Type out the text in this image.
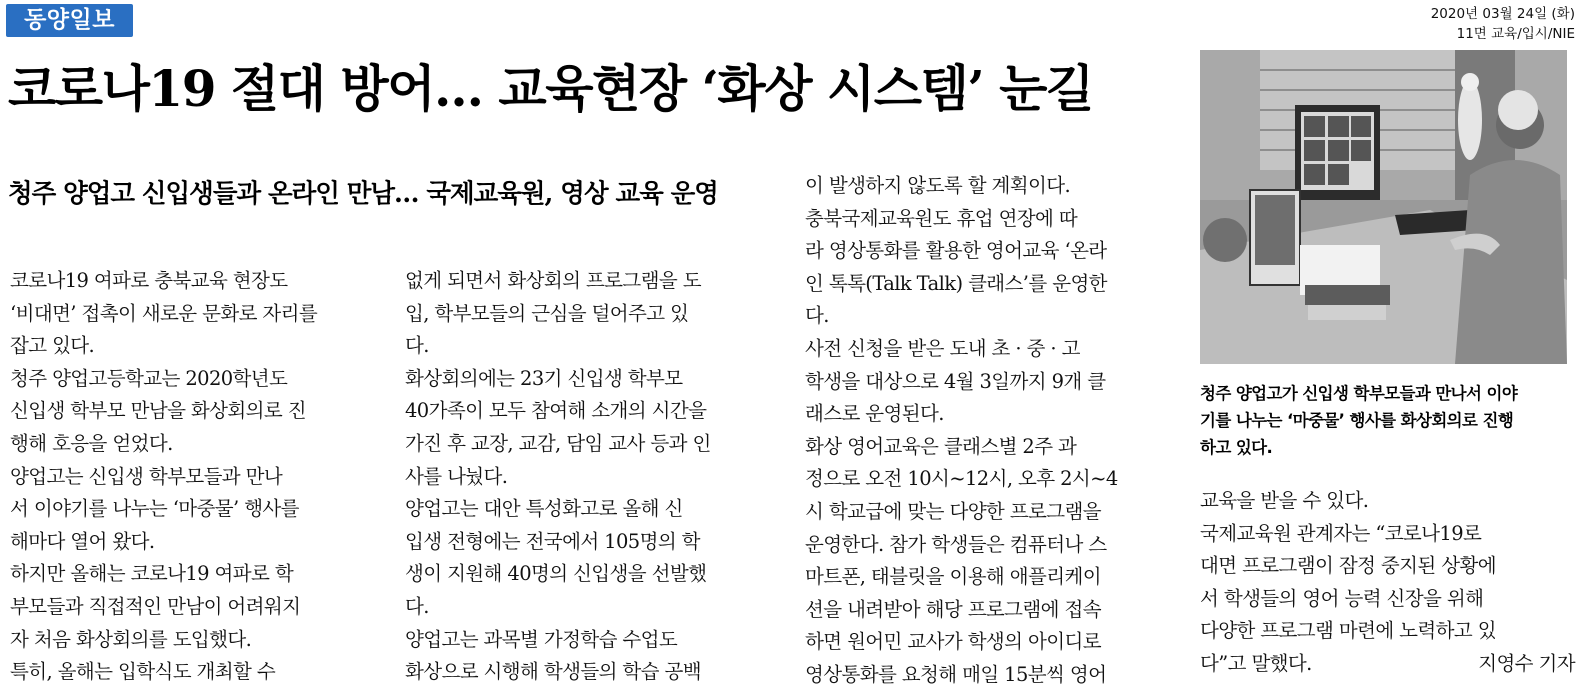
동양일보	2020년 03월 24일 (화)
11면 교육/입시/NIE
코로나19 절대 방어… 교육현장 ‘화상 시스템’ 눈길
청주 양업고 신입생들과 온라인 만남… 국제교육원, 영상 교육 운영

코로나19 여파로 충북교육 현장도

‘비대면’ 접촉이 새로운 문화로 자리를

잡고 있다.

청주 양업고등학교는 2020학년도

신입생 학부모 만남을 화상회의로 진

행해 호응을 얻었다.

양업고는 신입생 학부모들과 만나

서 이야기를 나누는 ‘마중물’ 행사를

해마다 열어 왔다.

하지만 올해는 코로나19 여파로 학

부모들과 직접적인 만남이 어려워지

자 처음 화상회의를 도입했다.

특히, 올해는 입학식도 개최할 수

없게 되면서 화상회의 프로그램을 도

입, 학부모들의 근심을 덜어주고 있

다.

화상회의에는 23기 신입생 학부모

40가족이 모두 참여해 소개의 시간을

가진 후 교장, 교감, 담임 교사 등과 인

사를 나눴다.

양업고는 대안 특성화고로 올해 신

입생 전형에는 전국에서 105명의 학

생이 지원해 40명의 신입생을 선발했

다.

양업고는 과목별 가정학습 수업도

화상으로 시행해 학생들의 학습 공백

이 발생하지 않도록 할 계획이다.

충북국제교육원도 휴업 연장에 따

라 영상통화를 활용한 영어교육 ‘온라

인 톡톡(Talk Talk) 클래스’를 운영한

다.

사전 신청을 받은 도내 초 · 중 · 고

학생을 대상으로 4월 3일까지 9개 클

래스로 운영된다.

화상 영어교육은 클래스별 2주 과

정으로 오전 10시~12시, 오후 2시~4

시 학교급에 맞는 다양한 프로그램을

운영한다. 참가 학생들은 컴퓨터나 스

마트폰, 태블릿을 이용해 애플리케이

션을 내려받아 해당 프로그램에 접속

하면 원어민 교사가 학생의 아이디로

영상통화를 요청해 매일 15분씩 영어

청주 양업고가 신입생 학부모들과 만나서 이야

기를 나누는 ‘마중물’ 행사를 화상회의로 진행

하고 있다.

교육을 받을 수 있다.

국제교육원 관계자는 “코로나19로

대면 프로그램이 잠정 중지된 상황에

서 학생들의 영어 능력 신장을 위해

다양한 프로그램 마련에 노력하고 있

다”고 말했다.	지영수 기자
